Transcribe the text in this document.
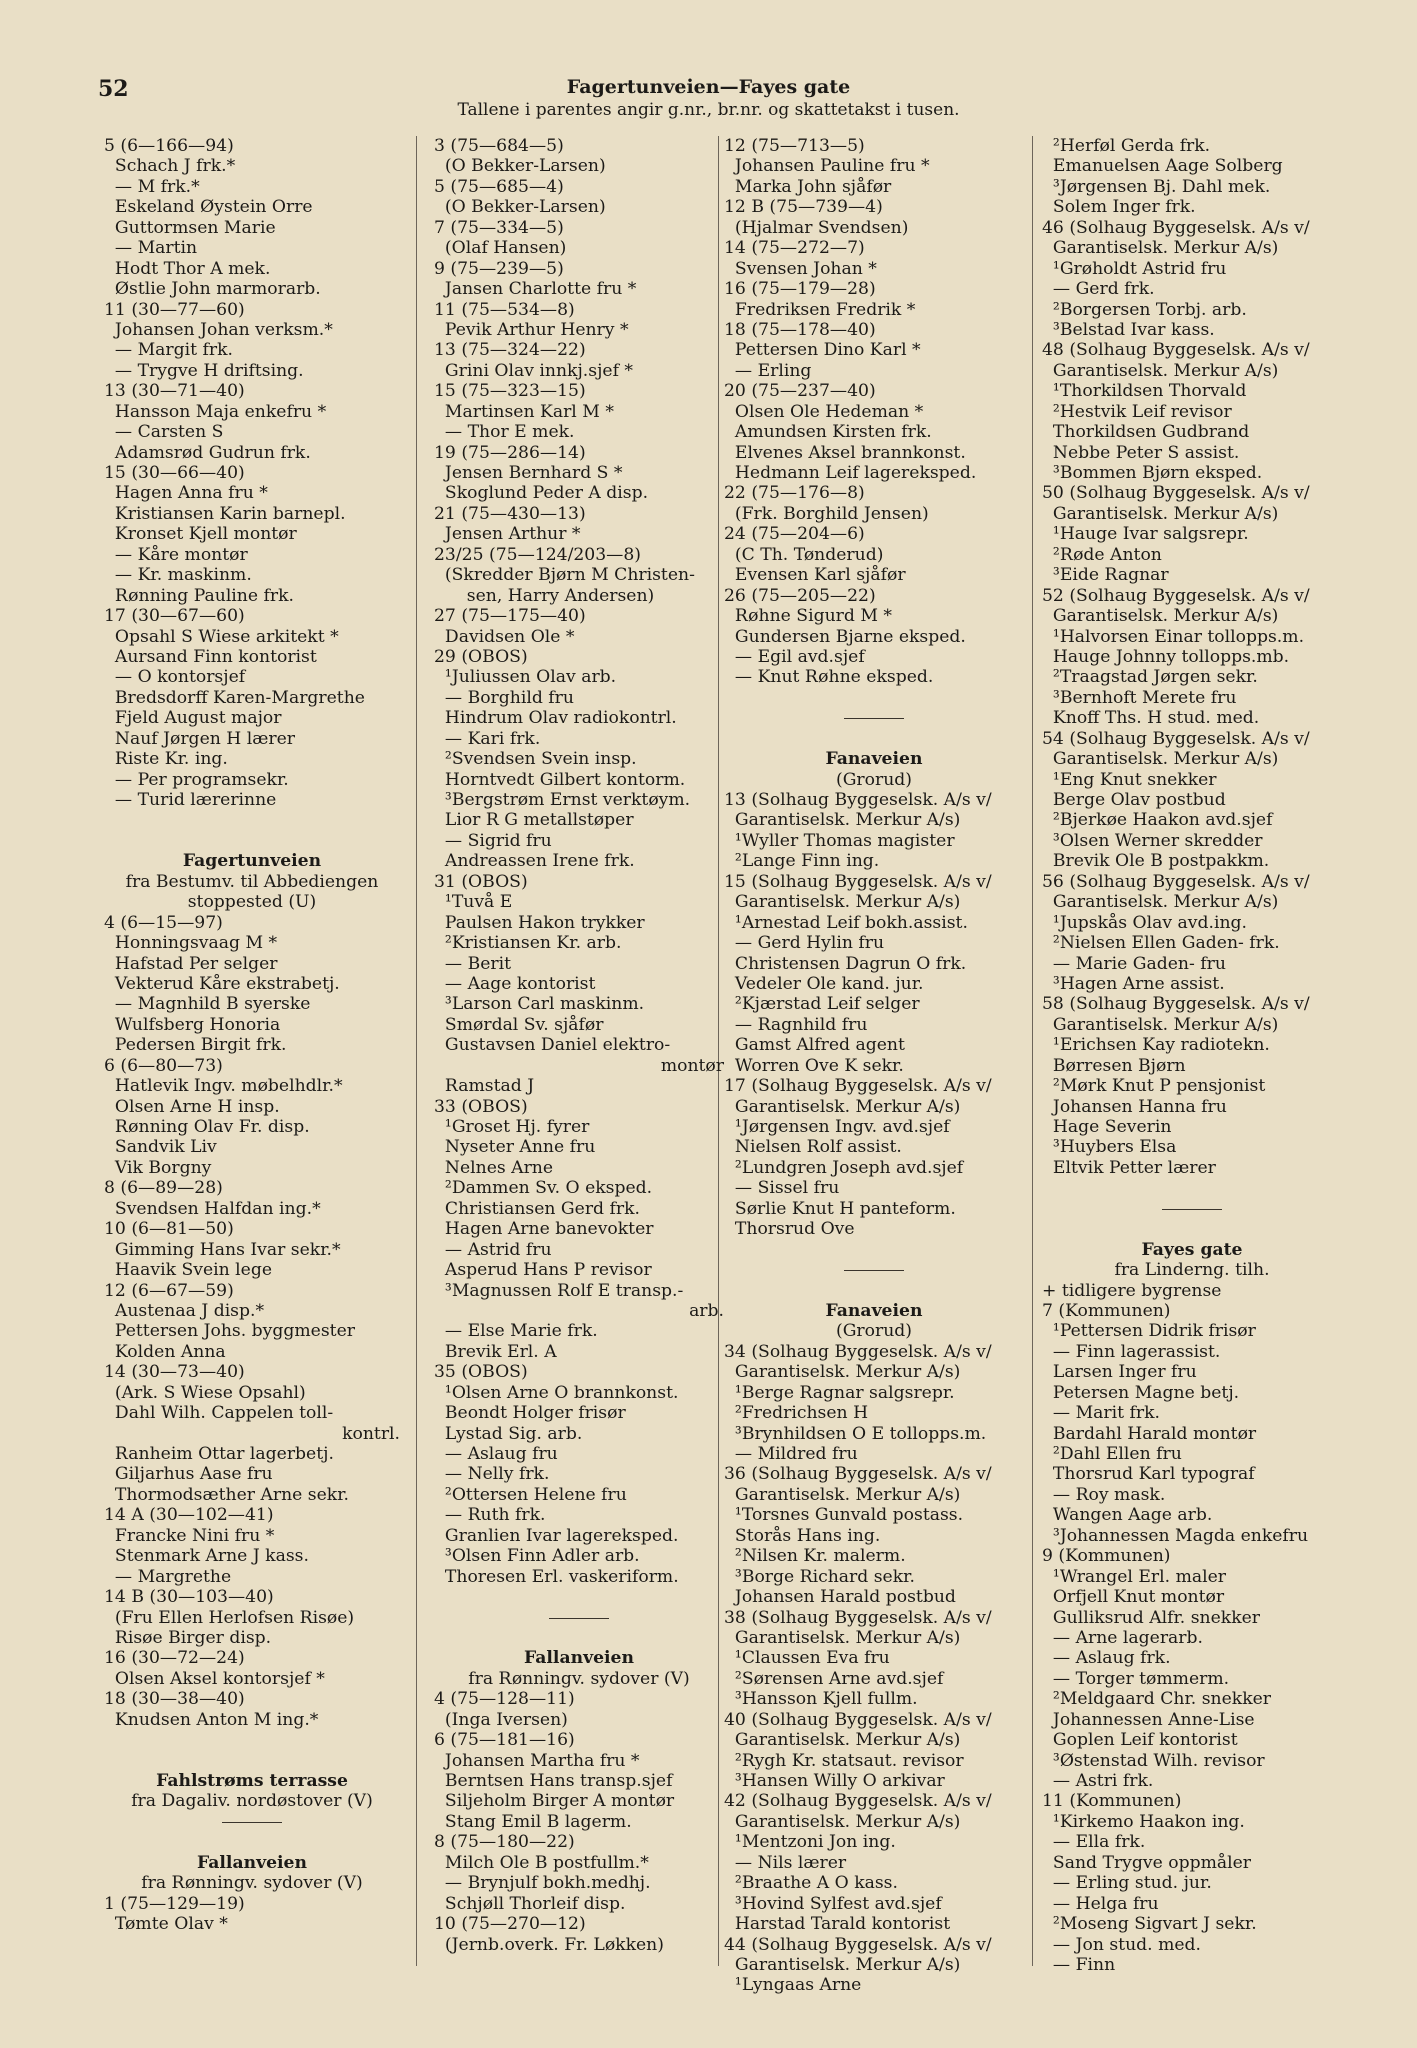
52	Fagertunveien—Fayes gate
Tallene i parentes angir g.nr., br.nr. og skattetakst i tusen.
5 (6—166—94)
Schach J frk.*
— M frk.*
Eskeland Øystein Orre
Guttormsen Marie
— Martin
Hodt Thor A mek.
Østlie John marmorarb.
11 (30—77—60)
Johansen Johan verksm.*
— Margit frk.
— Trygve H driftsing.
13 (30—71—40)
Hansson Maja enkefru *
— Carsten S
Adamsrød Gudrun frk.
15 (30—66—40)
Hagen Anna fru *
Kristiansen Karin barnepl.
Kronset Kjell montør
— Kåre montør
— Kr. maskinm.
Rønning Pauline frk.
17 (30—67—60)
Opsahl S Wiese arkitekt *
Aursand Finn kontorist
— O kontorsjef
Bredsdorff Karen-Margrethe
Fjeld August major
Nauf Jørgen H lærer
Riste Kr. ing.
— Per programsekr.
— Turid lærerinne
Fagertunveien
fra Bestumv. til Abbediengen
stoppested (U)
4 (6—15—97)
Honningsvaag M *
Hafstad Per selger
Vekterud Kåre ekstrabetj.
— Magnhild B syerske
Wulfsberg Honoria
Pedersen Birgit frk.
6 (6—80—73)
Hatlevik Ingv. møbelhdlr.*
Olsen Arne H insp.
Rønning Olav Fr. disp.
Sandvik Liv
Vik Borgny
8 (6—89—28)
Svendsen Halfdan ing.*
10 (6—81—50)
Gimming Hans Ivar sekr.*
Haavik Svein lege
12 (6—67—59)
Austenaa J disp.*
Pettersen Johs. byggmester
Kolden Anna
14 (30—73—40)
(Ark. S Wiese Opsahl)
Dahl Wilh. Cappelen toll-
kontrl.
Ranheim Ottar lagerbetj.
Giljarhus Aase fru
Thormodsæther Arne sekr.
14 A (30—102—41)
Francke Nini fru *
Stenmark Arne J kass.
— Margrethe
14 B (30—103—40)
(Fru Ellen Herlofsen Risøe)
Risøe Birger disp.
16 (30—72—24)
Olsen Aksel kontorsjef *
18 (30—38—40)
Knudsen Anton M ing.*
Fahlstrøms terrasse
fra Dagaliv. nordøstover (V)
Fallanveien
fra Rønningv. sydover (V)
1 (75—129—19)
Tømte Olav *
3 (75—684—5)
(O Bekker-Larsen)
5 (75—685—4)
(O Bekker-Larsen)
7 (75—334—5)
(Olaf Hansen)
9 (75—239—5)
Jansen Charlotte fru *
11 (75—534—8)
Pevik Arthur Henry *
13 (75—324—22)
Grini Olav innkj.sjef *
15 (75—323—15)
Martinsen Karl M *
— Thor E mek.
19 (75—286—14)
Jensen Bernhard S *
Skoglund Peder A disp.
21 (75—430—13)
Jensen Arthur *
23/25 (75—124/203—8)
(Skredder Bjørn M Christen-
sen, Harry Andersen)
27 (75—175—40)
Davidsen Ole *
29 (OBOS)
¹Juliussen Olav arb.
— Borghild fru
Hindrum Olav radiokontrl.
— Kari frk.
²Svendsen Svein insp.
Horntvedt Gilbert kontorm.
³Bergstrøm Ernst verktøym.
Lior R G metallstøper
— Sigrid fru
Andreassen Irene frk.
31 (OBOS)
¹Tuvå E
Paulsen Hakon trykker
²Kristiansen Kr. arb.
— Berit
— Aage kontorist
³Larson Carl maskinm.
Smørdal Sv. sjåfør
Gustavsen Daniel elektro-
montør
Ramstad J
33 (OBOS)
¹Groset Hj. fyrer
Nyseter Anne fru
Nelnes Arne
²Dammen Sv. O eksped.
Christiansen Gerd frk.
Hagen Arne banevokter
— Astrid fru
Asperud Hans P revisor
³Magnussen Rolf E transp.-
arb.
— Else Marie frk.
Brevik Erl. A
35 (OBOS)
¹Olsen Arne O brannkonst.
Beondt Holger frisør
Lystad Sig. arb.
— Aslaug fru
— Nelly frk.
²Ottersen Helene fru
— Ruth frk.
Granlien Ivar lagereksped.
³Olsen Finn Adler arb.
Thoresen Erl. vaskeriform.
Fallanveien
fra Rønningv. sydover (V)
4 (75—128—11)
(Inga Iversen)
6 (75—181—16)
Johansen Martha fru *
Berntsen Hans transp.sjef
Siljeholm Birger A montør
Stang Emil B lagerm.
8 (75—180—22)
Milch Ole B postfullm.*
— Brynjulf bokh.medhj.
Schjøll Thorleif disp.
10 (75—270—12)
(Jernb.overk. Fr. Løkken)
12 (75—713—5)
Johansen Pauline fru *
Marka John sjåfør
12 B (75—739—4)
(Hjalmar Svendsen)
14 (75—272—7)
Svensen Johan *
16 (75—179—28)
Fredriksen Fredrik *
18 (75—178—40)
Pettersen Dino Karl *
— Erling
20 (75—237—40)
Olsen Ole Hedeman *
Amundsen Kirsten frk.
Elvenes Aksel brannkonst.
Hedmann Leif lagereksped.
22 (75—176—8)
(Frk. Borghild Jensen)
24 (75—204—6)
(C Th. Tønderud)
Evensen Karl sjåfør
26 (75—205—22)
Røhne Sigurd M *
Gundersen Bjarne eksped.
— Egil avd.sjef
— Knut Røhne eksped.
Fanaveien
(Grorud)
13 (Solhaug Byggeselsk. A/s v/
Garantiselsk. Merkur A/s)
¹Wyller Thomas magister
²Lange Finn ing.
15 (Solhaug Byggeselsk. A/s v/
Garantiselsk. Merkur A/s)
¹Arnestad Leif bokh.assist.
— Gerd Hylin fru
Christensen Dagrun O frk.
Vedeler Ole kand. jur.
²Kjærstad Leif selger
— Ragnhild fru
Gamst Alfred agent
Worren Ove K sekr.
17 (Solhaug Byggeselsk. A/s v/
Garantiselsk. Merkur A/s)
¹Jørgensen Ingv. avd.sjef
Nielsen Rolf assist.
²Lundgren Joseph avd.sjef
— Sissel fru
Sørlie Knut H panteform.
Thorsrud Ove
Fanaveien
(Grorud)
34 (Solhaug Byggeselsk. A/s v/
Garantiselsk. Merkur A/s)
¹Berge Ragnar salgsrepr.
²Fredrichsen H
³Brynhildsen O E tollopps.m.
— Mildred fru
36 (Solhaug Byggeselsk. A/s v/
Garantiselsk. Merkur A/s)
¹Torsnes Gunvald postass.
Storås Hans ing.
²Nilsen Kr. malerm.
³Borge Richard sekr.
Johansen Harald postbud
38 (Solhaug Byggeselsk. A/s v/
Garantiselsk. Merkur A/s)
¹Claussen Eva fru
²Sørensen Arne avd.sjef
³Hansson Kjell fullm.
40 (Solhaug Byggeselsk. A/s v/
Garantiselsk. Merkur A/s)
²Rygh Kr. statsaut. revisor
³Hansen Willy O arkivar
42 (Solhaug Byggeselsk. A/s v/
Garantiselsk. Merkur A/s)
¹Mentzoni Jon ing.
— Nils lærer
²Braathe A O kass.
³Hovind Sylfest avd.sjef
Harstad Tarald kontorist
44 (Solhaug Byggeselsk. A/s v/
Garantiselsk. Merkur A/s)
¹Lyngaas Arne
²Herføl Gerda frk.
Emanuelsen Aage Solberg
³Jørgensen Bj. Dahl mek.
Solem Inger frk.
46 (Solhaug Byggeselsk. A/s v/
Garantiselsk. Merkur A/s)
¹Grøholdt Astrid fru
— Gerd frk.
²Borgersen Torbj. arb.
³Belstad Ivar kass.
48 (Solhaug Byggeselsk. A/s v/
Garantiselsk. Merkur A/s)
¹Thorkildsen Thorvald
²Hestvik Leif revisor
Thorkildsen Gudbrand
Nebbe Peter S assist.
³Bommen Bjørn eksped.
50 (Solhaug Byggeselsk. A/s v/
Garantiselsk. Merkur A/s)
¹Hauge Ivar salgsrepr.
²Røde Anton
³Eide Ragnar
52 (Solhaug Byggeselsk. A/s v/
Garantiselsk. Merkur A/s)
¹Halvorsen Einar tollopps.m.
Hauge Johnny tollopps.mb.
²Traagstad Jørgen sekr.
³Bernhoft Merete fru
Knoff Ths. H stud. med.
54 (Solhaug Byggeselsk. A/s v/
Garantiselsk. Merkur A/s)
¹Eng Knut snekker
Berge Olav postbud
²Bjerkøe Haakon avd.sjef
³Olsen Werner skredder
Brevik Ole B postpakkm.
56 (Solhaug Byggeselsk. A/s v/
Garantiselsk. Merkur A/s)
¹Jupskås Olav avd.ing.
²Nielsen Ellen Gaden- frk.
— Marie Gaden- fru
³Hagen Arne assist.
58 (Solhaug Byggeselsk. A/s v/
Garantiselsk. Merkur A/s)
¹Erichsen Kay radiotekn.
Børresen Bjørn
²Mørk Knut P pensjonist
Johansen Hanna fru
Hage Severin
³Huybers Elsa
Eltvik Petter lærer
Fayes gate
fra Linderng. tilh.
+ tidligere bygrense
7 (Kommunen)
¹Pettersen Didrik frisør
— Finn lagerassist.
Larsen Inger fru
Petersen Magne betj.
— Marit frk.
Bardahl Harald montør
²Dahl Ellen fru
Thorsrud Karl typograf
— Roy mask.
Wangen Aage arb.
³Johannessen Magda enkefru
9 (Kommunen)
¹Wrangel Erl. maler
Orfjell Knut montør
Gulliksrud Alfr. snekker
— Arne lagerarb.
— Aslaug frk.
— Torger tømmerm.
²Meldgaard Chr. snekker
Johannessen Anne-Lise
Goplen Leif kontorist
³Østenstad Wilh. revisor
— Astri frk.
11 (Kommunen)
¹Kirkemo Haakon ing.
— Ella frk.
Sand Trygve oppmåler
— Erling stud. jur.
— Helga fru
²Moseng Sigvart J sekr.
— Jon stud. med.
— Finn
